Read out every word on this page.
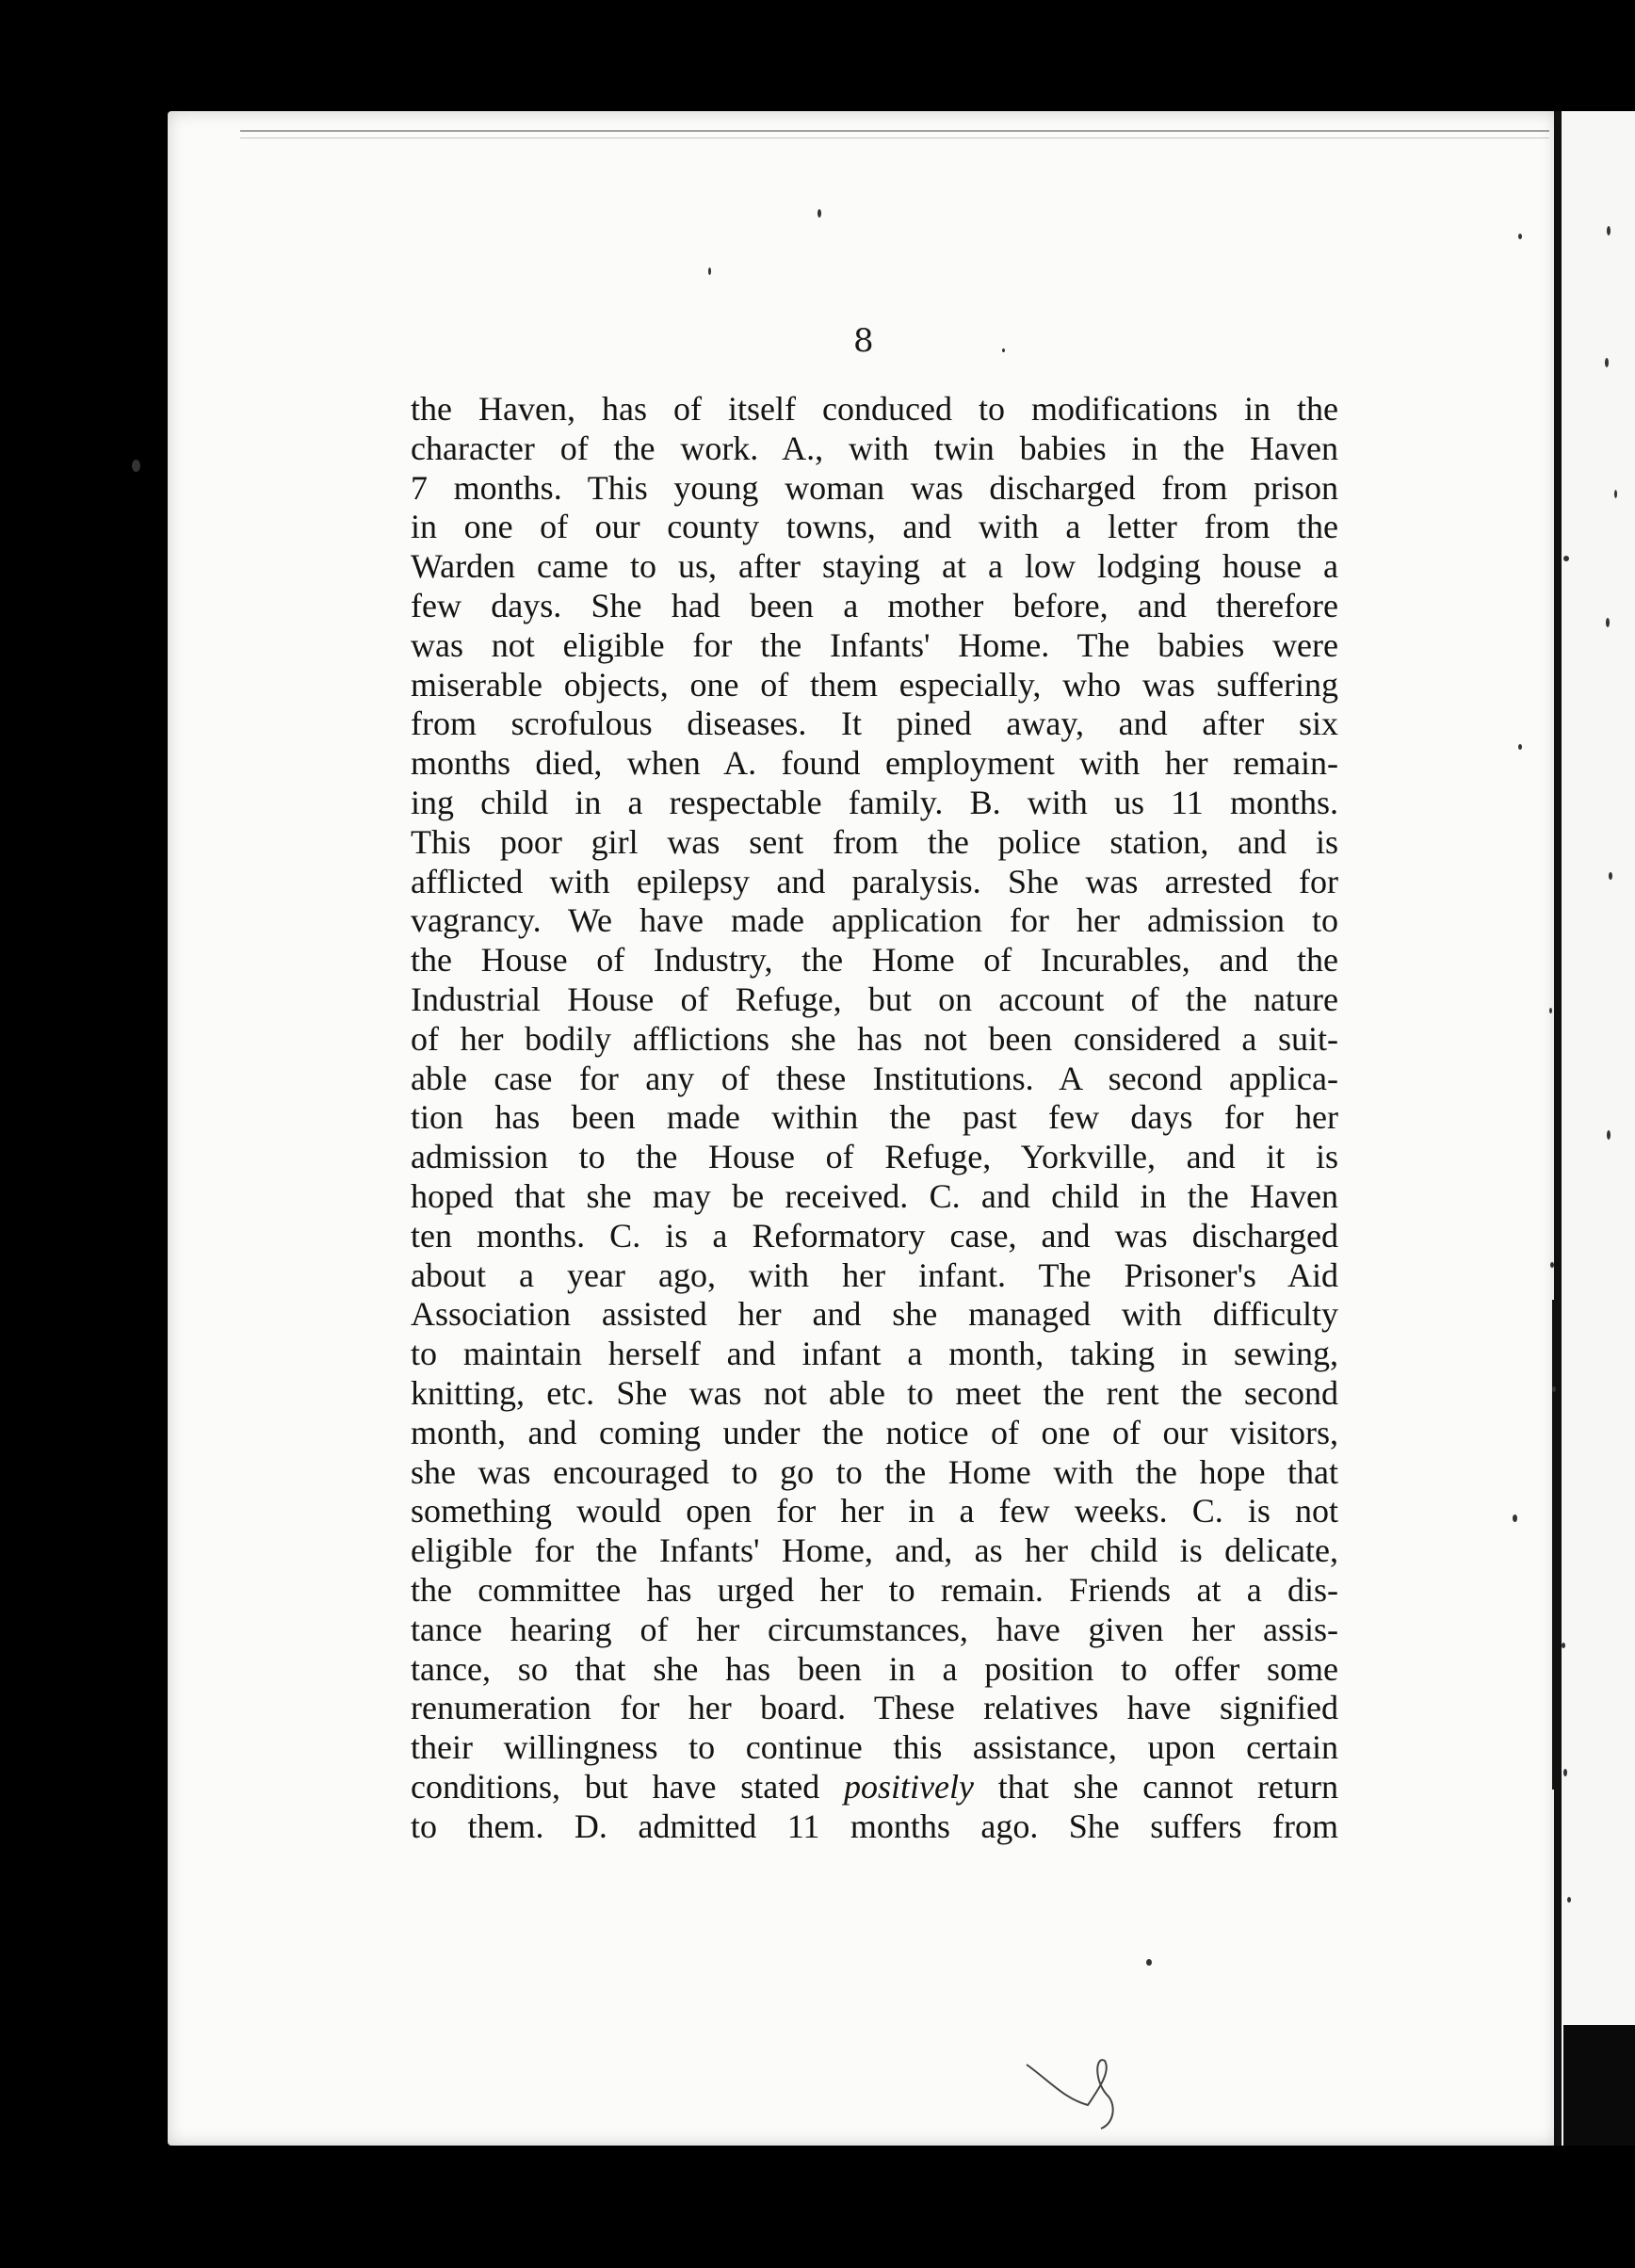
8

the Haven, has of itself conduced to modifications in the
character of the work. A., with twin babies in the Haven
7 months. This young woman was discharged from prison
in one of our county towns, and with a letter from the
Warden came to us, after staying at a low lodging house a
few days. She had been a mother before, and therefore
was not eligible for the Infants' Home. The babies were
miserable objects, one of them especially, who was suffering
from scrofulous diseases. It pined away, and after six
months died, when A. found employment with her remain-
ing child in a respectable family. B. with us 11 months.
This poor girl was sent from the police station, and is
afflicted with epilepsy and paralysis. She was arrested for
vagrancy. We have made application for her admission to
the House of Industry, the Home of Incurables, and the
Industrial House of Refuge, but on account of the nature
of her bodily afflictions she has not been considered a suit-
able case for any of these Institutions. A second applica-
tion has been made within the past few days for her
admission to the House of Refuge, Yorkville, and it is
hoped that she may be received. C. and child in the Haven
ten months. C. is a Reformatory case, and was discharged
about a year ago, with her infant. The Prisoner's Aid
Association assisted her and she managed with difficulty
to maintain herself and infant a month, taking in sewing,
knitting, etc. She was not able to meet the rent the second
month, and coming under the notice of one of our visitors,
she was encouraged to go to the Home with the hope that
something would open for her in a few weeks. C. is not
eligible for the Infants' Home, and, as her child is delicate,
the committee has urged her to remain. Friends at a dis-
tance hearing of her circumstances, have given her assis-
tance, so that she has been in a position to offer some
renumeration for her board. These relatives have signified
their willingness to continue this assistance, upon certain
conditions, but have stated positively that she cannot return
to them. D. admitted 11 months ago. She suffers from
